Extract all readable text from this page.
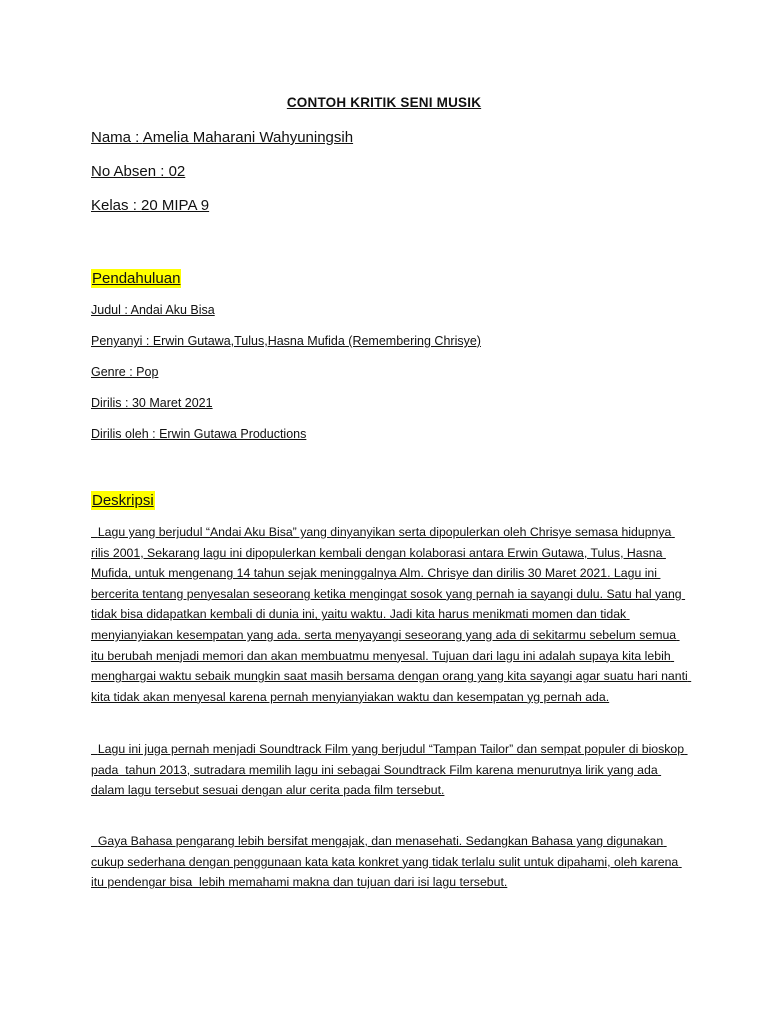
CONTOH KRITIK SENI MUSIK
Nama : Amelia Maharani Wahyuningsih
No Absen : 02
Kelas : 20 MIPA 9
Pendahuluan
Judul : Andai Aku Bisa
Penyanyi : Erwin Gutawa,Tulus,Hasna Mufida (Remembering Chrisye)
Genre : Pop
Dirilis : 30 Maret 2021
Dirilis oleh : Erwin Gutawa Productions
Deskripsi
Lagu yang berjudul “Andai Aku Bisa” yang dinyanyikan serta dipopulerkan oleh Chrisye semasa hidupnya rilis 2001, Sekarang lagu ini dipopulerkan kembali dengan kolaborasi antara Erwin Gutawa, Tulus, Hasna Mufida, untuk mengenang 14 tahun sejak meninggalnya Alm. Chrisye dan dirilis 30 Maret 2021. Lagu ini bercerita tentang penyesalan seseorang ketika mengingat sosok yang pernah ia sayangi dulu. Satu hal yang tidak bisa didapatkan kembali di dunia ini, yaitu waktu. Jadi kita harus menikmati momen dan tidak menyianyiakan kesempatan yang ada. serta menyayangi seseorang yang ada di sekitarmu sebelum semua itu berubah menjadi memori dan akan membuatmu menyesal. Tujuan dari lagu ini adalah supaya kita lebih menghargai waktu sebaik mungkin saat masih bersama dengan orang yang kita sayangi agar suatu hari nanti kita tidak akan menyesal karena pernah menyianyiakan waktu dan kesempatan yg pernah ada.
Lagu ini juga pernah menjadi Soundtrack Film yang berjudul “Tampan Tailor” dan sempat populer di bioskop pada  tahun 2013, sutradara memilih lagu ini sebagai Soundtrack Film karena menurutnya lirik yang ada dalam lagu tersebut sesuai dengan alur cerita pada film tersebut.
Gaya Bahasa pengarang lebih bersifat mengajak, dan menasehati. Sedangkan Bahasa yang digunakan cukup sederhana dengan penggunaan kata kata konkret yang tidak terlalu sulit untuk dipahami, oleh karena itu pendengar bisa  lebih memahami makna dan tujuan dari isi lagu tersebut.
